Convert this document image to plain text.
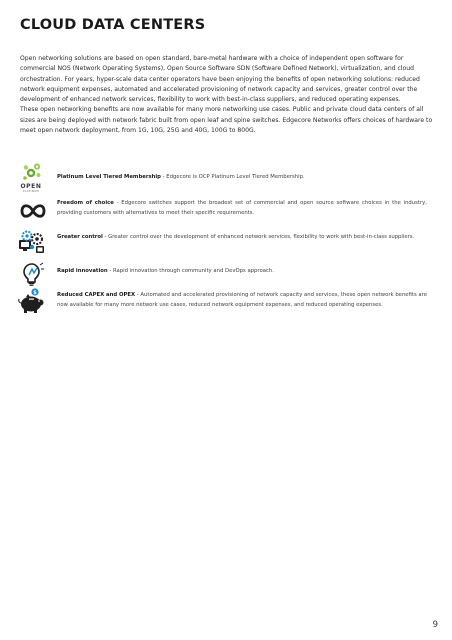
CLOUD DATA CENTERS

Open networking solutions are based on open standard, bare-metal hardware with a choice of independent open software for commercial NOS (Network Operating Systems), Open Source Software SDN (Software Defined Network), virtualization, and cloud orchestration. For years, hyper-scale data center operators have been enjoying the benefits of open networking solutions: reduced network equipment expenses, automated and accelerated provisioning of network capacity and services, greater control over the development of enhanced network services, flexibility to work with best-in-class suppliers, and reduced operating expenses.

These open networking benefits are now available for many more networking use cases. Public and private cloud data centers of all sizes are being deployed with network fabric built from open leaf and spine switches. Edgecore Networks offers choices of hardware to meet open network deployment, from 1G, 10G, 25G and 40G, 100G to 800G.

OPEN
PLATINUM
Platinum Level Tiered Membership - Edgecore is OCP Platinum Level Tiered Membership.
Freedom of choice - Edgecore switches support the broadest set of commercial and open source software choices in the industry, providing customers with alternatives to meet their specific requirements.
Greater control - Greater control over the development of enhanced network services, flexibility to work with best-in-class suppliers.
Rapid innovation - Rapid innovation through community and DevOps approach.
$	Reduced CAPEX and OPEX - Automated and accelerated provisioning of network capacity and services, these open network benefits are now available for many more network use cases, reduced network equipment expenses, and reduced operating expenses.
9
